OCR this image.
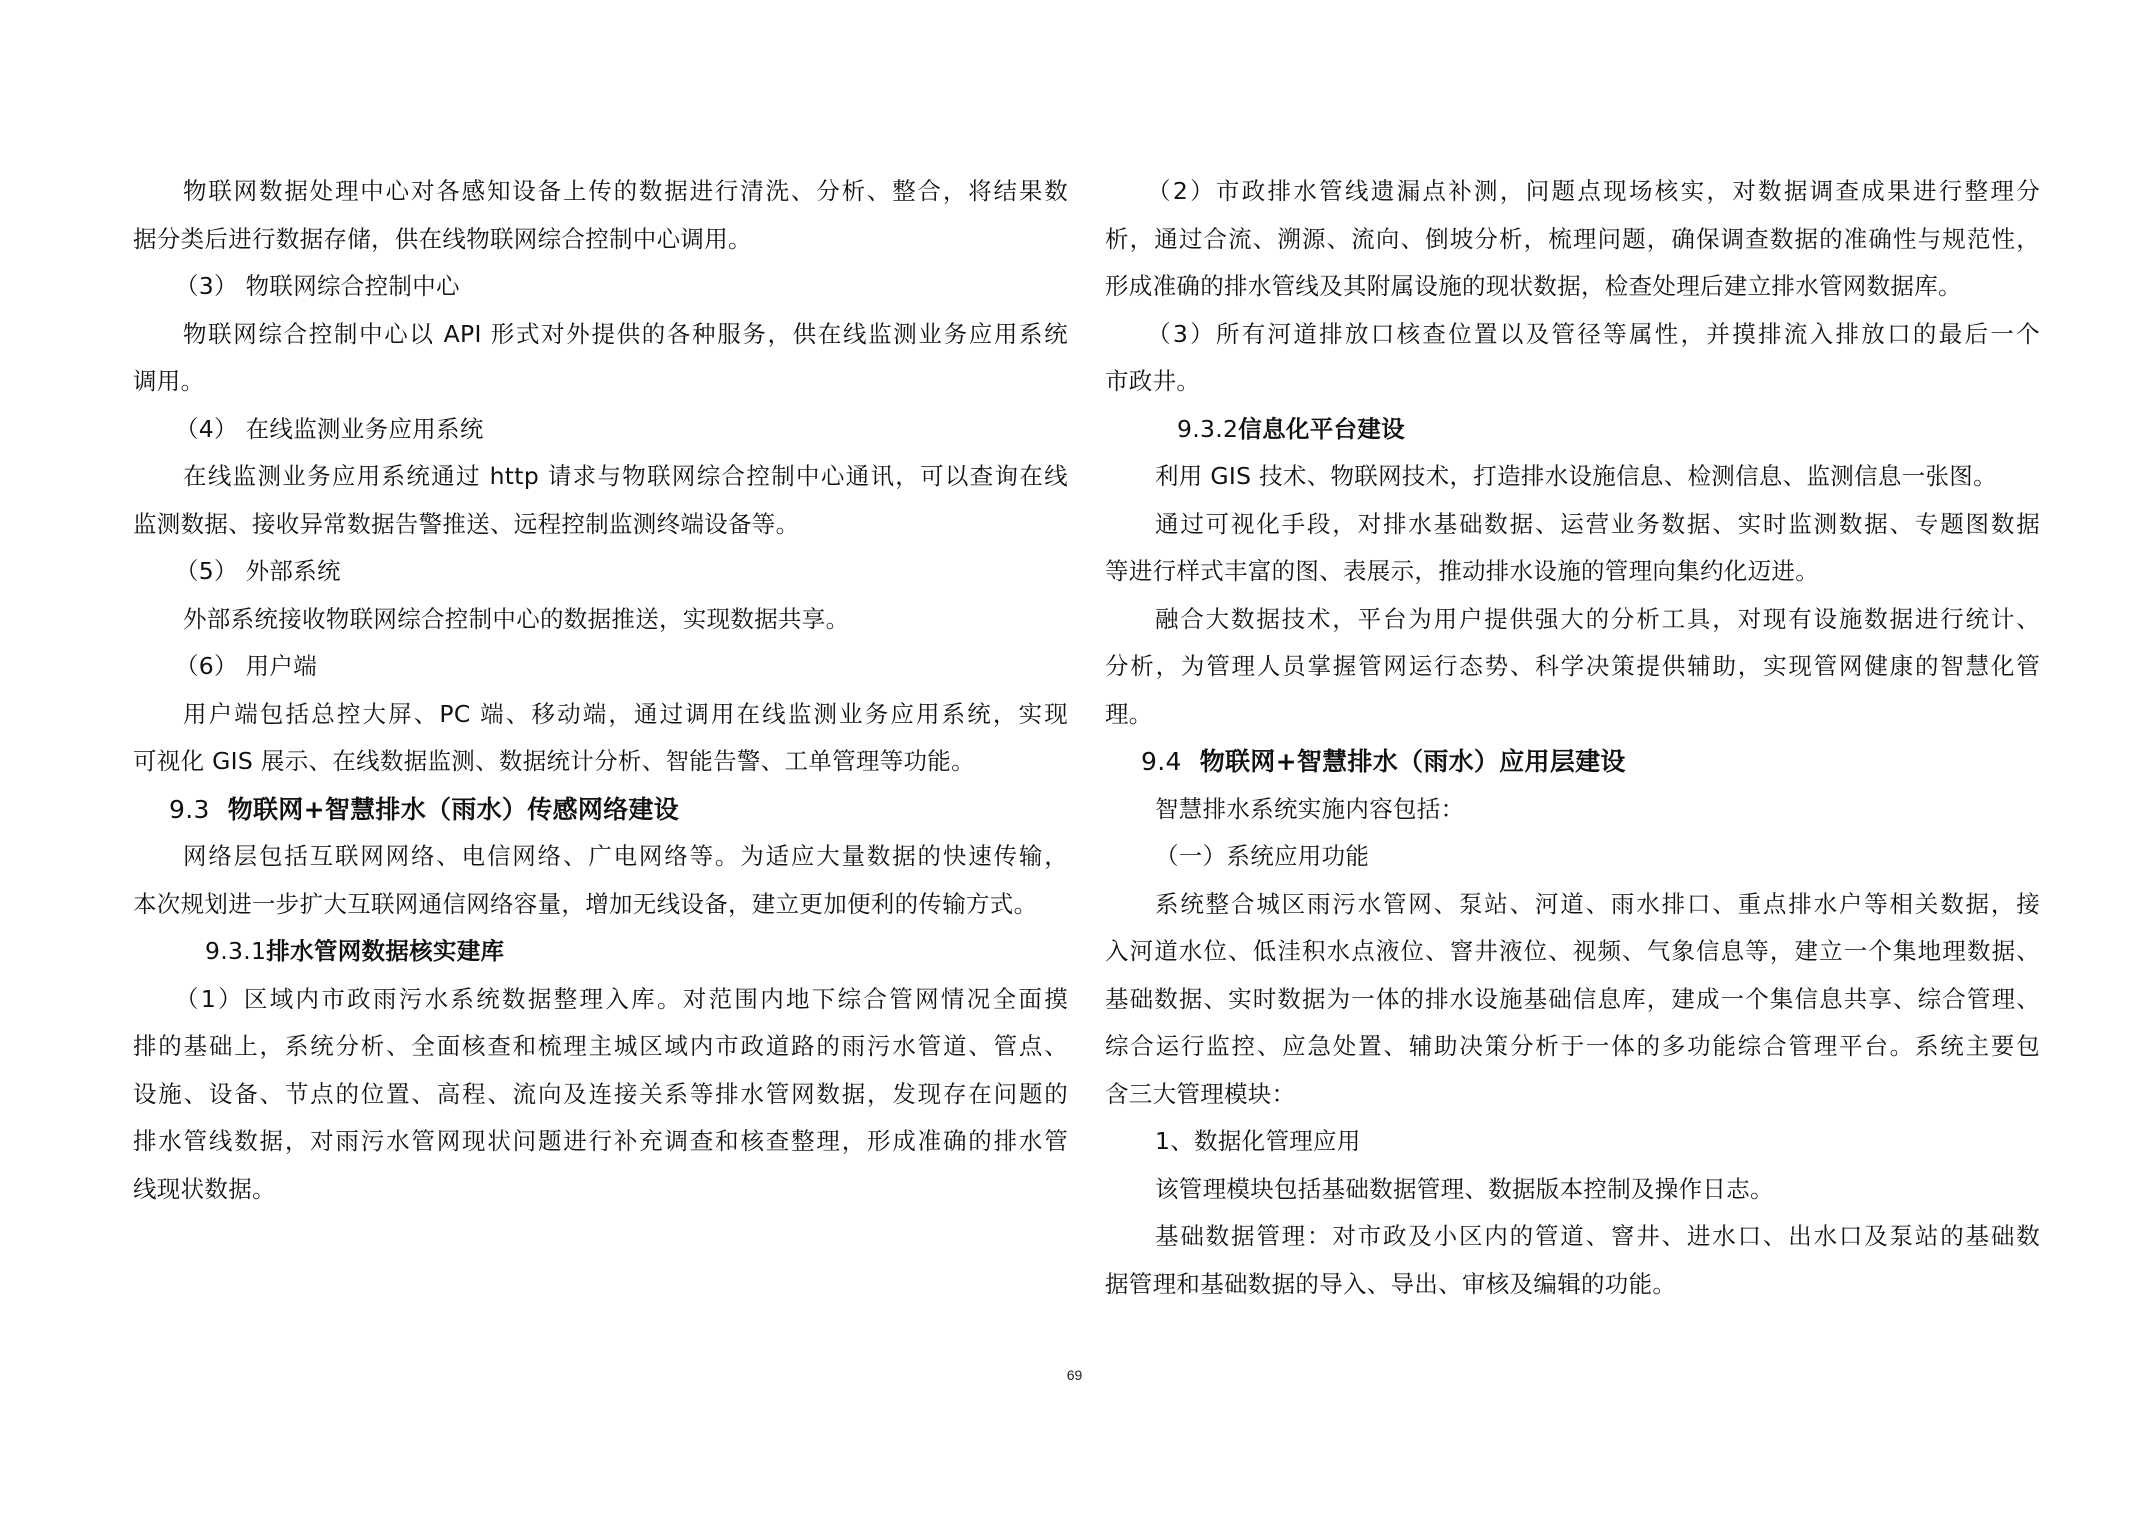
物联网数据处理中心对各感知设备上传的数据进行清洗、分析、整合，将结果数
据分类后进行数据存储，供在线物联网综合控制中心调用。
（3） 物联网综合控制中心
物联网综合控制中心以 API 形式对外提供的各种服务，供在线监测业务应用系统
调用。
（4） 在线监测业务应用系统
在线监测业务应用系统通过 http 请求与物联网综合控制中心通讯，可以查询在线
监测数据、接收异常数据告警推送、远程控制监测终端设备等。
（5） 外部系统
外部系统接收物联网综合控制中心的数据推送，实现数据共享。
（6） 用户端
用户端包括总控大屏、PC 端、移动端，通过调用在线监测业务应用系统，实现
可视化 GIS 展示、在线数据监测、数据统计分析、智能告警、工单管理等功能。
9.3 物联网+智慧排水（雨水）传感网络建设
网络层包括互联网网络、电信网络、广电网络等。为适应大量数据的快速传输，
本次规划进一步扩大互联网通信网络容量，增加无线设备，建立更加便利的传输方式。
9.3.1排水管网数据核实建库
（1）区域内市政雨污水系统数据整理入库。对范围内地下综合管网情况全面摸
排的基础上，系统分析、全面核查和梳理主城区域内市政道路的雨污水管道、管点、
设施、设备、节点的位置、高程、流向及连接关系等排水管网数据，发现存在问题的
排水管线数据，对雨污水管网现状问题进行补充调查和核查整理，形成准确的排水管
线现状数据。
（2）市政排水管线遗漏点补测，问题点现场核实，对数据调查成果进行整理分
析，通过合流、溯源、流向、倒坡分析，梳理问题，确保调查数据的准确性与规范性，
形成准确的排水管线及其附属设施的现状数据，检查处理后建立排水管网数据库。
（3）所有河道排放口核查位置以及管径等属性，并摸排流入排放口的最后一个
市政井。
9.3.2信息化平台建设
利用 GIS 技术、物联网技术，打造排水设施信息、检测信息、监测信息一张图。
通过可视化手段，对排水基础数据、运营业务数据、实时监测数据、专题图数据
等进行样式丰富的图、表展示，推动排水设施的管理向集约化迈进。
融合大数据技术，平台为用户提供强大的分析工具，对现有设施数据进行统计、
分析，为管理人员掌握管网运行态势、科学决策提供辅助，实现管网健康的智慧化管
理。
9.4 物联网+智慧排水（雨水）应用层建设
智慧排水系统实施内容包括：
（一）系统应用功能
系统整合城区雨污水管网、泵站、河道、雨水排口、重点排水户等相关数据，接
入河道水位、低洼积水点液位、窨井液位、视频、气象信息等，建立一个集地理数据、
基础数据、实时数据为一体的排水设施基础信息库，建成一个集信息共享、综合管理、
综合运行监控、应急处置、辅助决策分析于一体的多功能综合管理平台。系统主要包
含三大管理模块：
1、数据化管理应用
该管理模块包括基础数据管理、数据版本控制及操作日志。
基础数据管理：对市政及小区内的管道、窨井、进水口、出水口及泵站的基础数
据管理和基础数据的导入、导出、审核及编辑的功能。
69
